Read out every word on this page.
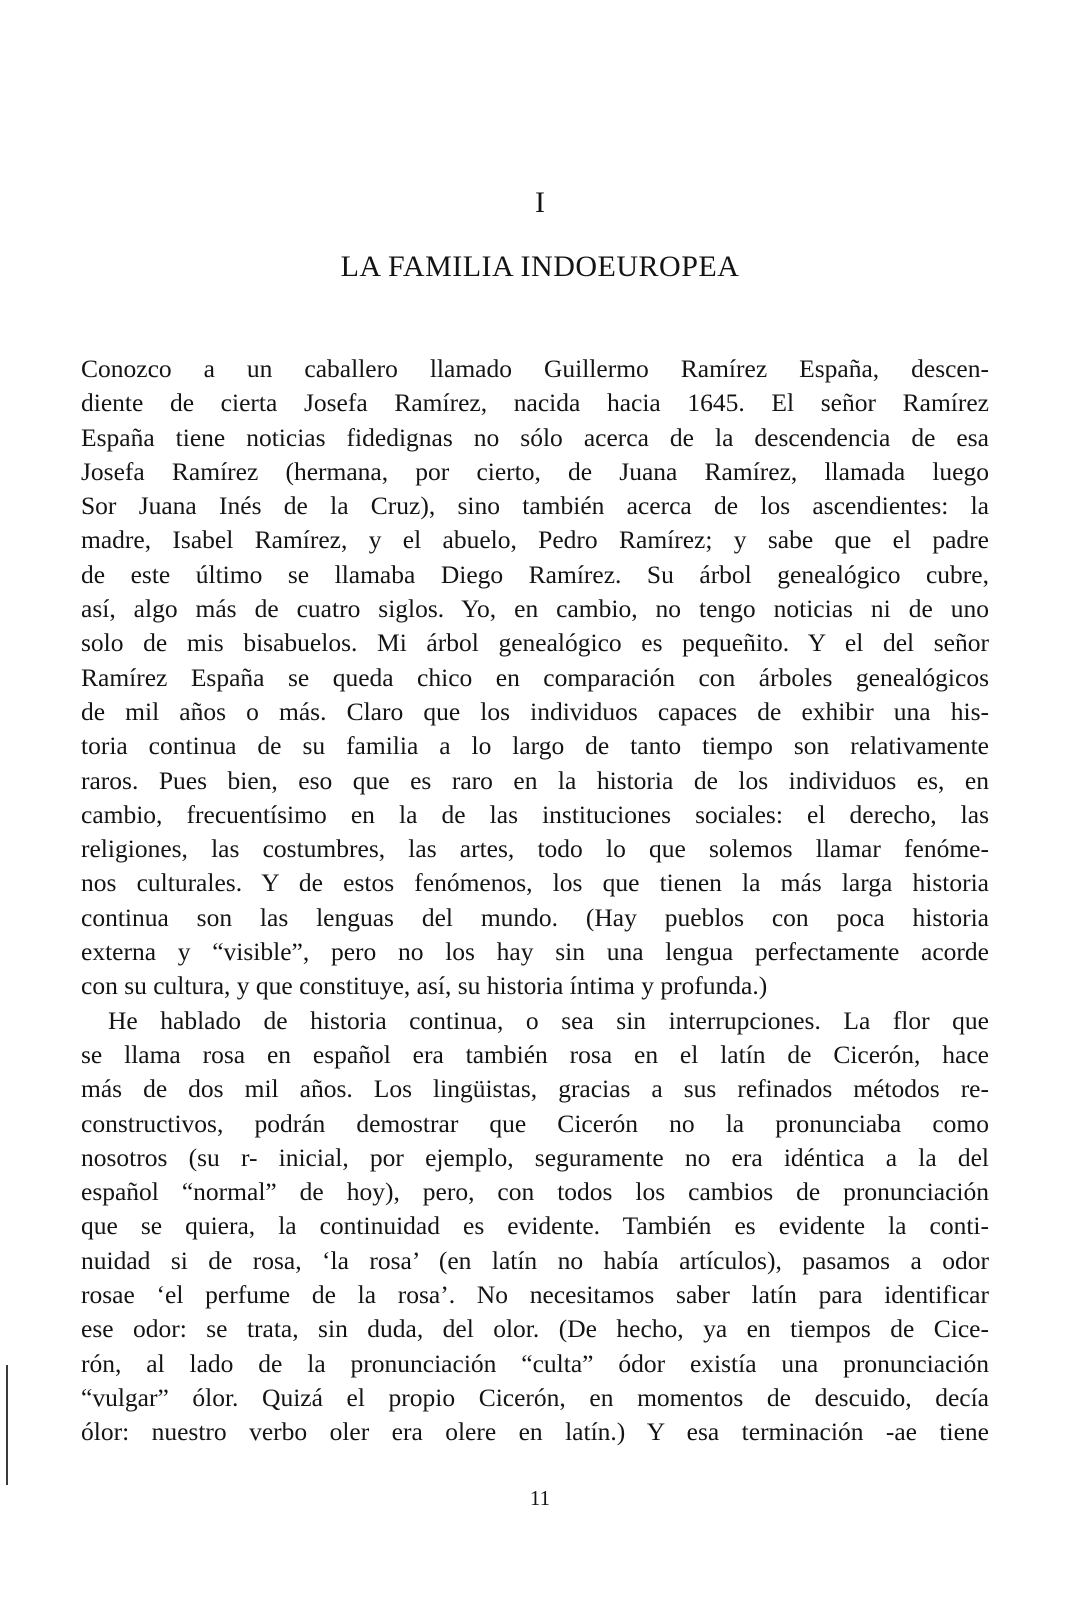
I
LA FAMILIA INDOEUROPEA
Conozco a un caballero llamado Guillermo Ramírez España, descen-
diente de cierta Josefa Ramírez, nacida hacia 1645. El señor Ramírez
España tiene noticias fidedignas no sólo acerca de la descendencia de esa
Josefa Ramírez (hermana, por cierto, de Juana Ramírez, llamada luego
Sor Juana Inés de la Cruz), sino también acerca de los ascendientes: la
madre, Isabel Ramírez, y el abuelo, Pedro Ramírez; y sabe que el padre
de este último se llamaba Diego Ramírez. Su árbol genealógico cubre,
así, algo más de cuatro siglos. Yo, en cambio, no tengo noticias ni de uno
solo de mis bisabuelos. Mi árbol genealógico es pequeñito. Y el del señor
Ramírez España se queda chico en comparación con árboles genealógicos
de mil años o más. Claro que los individuos capaces de exhibir una his-
toria continua de su familia a lo largo de tanto tiempo son relativamente
raros. Pues bien, eso que es raro en la historia de los individuos es, en
cambio, frecuentísimo en la de las instituciones sociales: el derecho, las
religiones, las costumbres, las artes, todo lo que solemos llamar fenóme-
nos culturales. Y de estos fenómenos, los que tienen la más larga historia
continua son las lenguas del mundo. (Hay pueblos con poca historia
externa y “visible”, pero no los hay sin una lengua perfectamente acorde
con su cultura, y que constituye, así, su historia íntima y profunda.)
He hablado de historia continua, o sea sin interrupciones. La flor que
se llama rosa en español era también rosa en el latín de Cicerón, hace
más de dos mil años. Los lingüistas, gracias a sus refinados métodos re-
constructivos, podrán demostrar que Cicerón no la pronunciaba como
nosotros (su r- inicial, por ejemplo, seguramente no era idéntica a la del
español “normal” de hoy), pero, con todos los cambios de pronunciación
que se quiera, la continuidad es evidente. También es evidente la conti-
nuidad si de rosa, ‘la rosa’ (en latín no había artículos), pasamos a odor
rosae ‘el perfume de la rosa’. No necesitamos saber latín para identificar
ese odor: se trata, sin duda, del olor. (De hecho, ya en tiempos de Cice-
rón, al lado de la pronunciación “culta” ódor existía una pronunciación
“vulgar” ólor. Quizá el propio Cicerón, en momentos de descuido, decía
ólor: nuestro verbo oler era olere en latín.) Y esa terminación -ae tiene
11
